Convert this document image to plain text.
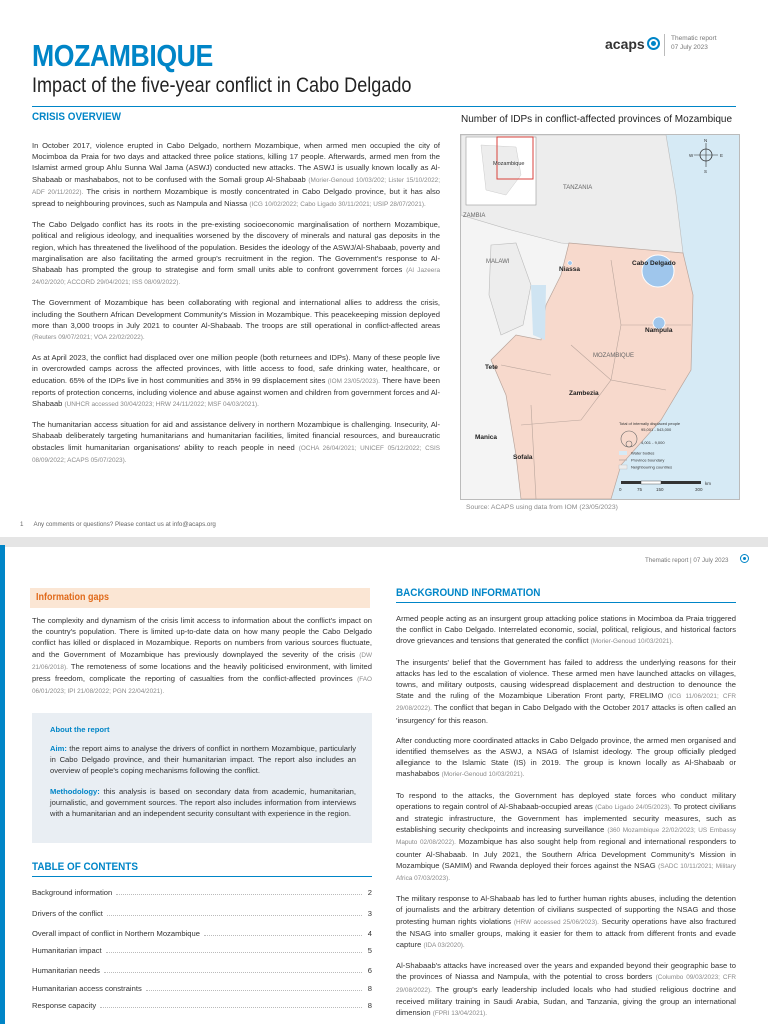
MOZAMBIQUE
Impact of the five-year conflict in Cabo Delgado
acaps	Thematic report
07 July 2023
CRISIS OVERVIEW

In October 2017, violence erupted in Cabo Delgado, northern Mozambique, when armed men occupied the city of Mocimboa da Praia for two days and attacked three police stations, killing 17 people. Afterwards, armed men from the Islamist armed group Ahlu Sunna Wal Jama (ASWJ) conducted new attacks. The ASWJ is usually known locally as Al-Shabaab or mashababos, not to be confused with the Somali group Al-Shabaab (Morier-Genoud 10/03/202; Lister 15/10/2022; ADF 20/11/2022). The crisis in northern Mozambique is mostly concentrated in Cabo Delgado province, but it has also spread to neighbouring provinces, such as Nampula and Niassa (ICG 10/02/2022; Cabo Ligado 30/11/2021; USIP 28/07/2021).

The Cabo Delgado conflict has its roots in the pre-existing socioeconomic marginalisation of northern Mozambique, political and religious ideology, and inequalities worsened by the discovery of minerals and natural gas deposits in the region, which has threatened the livelihood of the population. Besides the ideology of the ASWJ/Al-Shabaab, poverty and marginalisation are also facilitating the armed group's recruitment in the region. The Government's response to Al-Shabaab has prompted the group to strategise and form small units able to confront government forces (Al Jazeera 24/02/2020; ACCORD 29/04/2021; ISS 08/09/2022).

The Government of Mozambique has been collaborating with regional and international allies to address the crisis, including the Southern African Development Community's Mission in Mozambique. This peacekeeping mission deployed more than 3,000 troops in July 2021 to counter Al-Shabaab. The troops are still operational in conflict-affected areas (Reuters 09/07/2021; VOA 22/02/2022).

As at April 2023, the conflict had displaced over one million people (both returnees and IDPs). Many of these people live in overcrowded camps across the affected provinces, with little access to food, safe drinking water, healthcare, or education. 65% of the IDPs live in host communities and 35% in 99 displacement sites (IOM 23/05/2023). There have been reports of protection concerns, including violence and abuse against women and children from government forces and Al-Shabaab (UNHCR accessed 30/04/2023; HRW 24/11/2022; MSF 04/03/2021).

The humanitarian access situation for aid and assistance delivery in northern Mozambique is challenging. Insecurity, Al-Shabaab deliberately targeting humanitarians and humanitarian facilities, limited financial resources, and bureaucratic obstacles limit humanitarian organisations' ability to reach people in need (OCHA 26/04/2021; UNICEF 05/12/2022; CSIS 08/09/2022; ACAPS 05/07/2023).

Number of IDPs in conflict-affected provinces of Mozambique
Mozambique
N
S
W	E
TANZANIA
ZAMBIA
MALAWI
MOZAMBIQUE
Cabo Delgado
Niassa
Nampula
Tete
Zambezia
Manica
Sofala
Total of internally displaced people
95,001 - 543,000
4,001 - 9,000
Water bodies
Province boundary
Neighbouring countries
0	75	150	300
km
Source: ACAPS using data from IOM (23/05/2023)
1 Any comments or questions? Please contact us at info@acaps.org
Thematic report | 07 July 2023
Information gaps
The complexity and dynamism of the crisis limit access to information about the conflict's impact on the country's population. There is limited up-to-date data on how many people the Cabo Delgado conflict has killed or displaced in Mozambique. Reports on numbers from various sources fluctuate, and the Government of Mozambique has previously downplayed the severity of the crisis (DW 21/06/2018). The remoteness of some locations and the heavily politicised environment, with limited press freedom, complicate the reporting of casualties from the conflict-affected provinces (FAO 06/01/2023; IPI 21/08/2022; PGN 22/04/2021).
About the report
Aim: the report aims to analyse the drivers of conflict in northern Mozambique, particularly in Cabo Delgado province, and their humanitarian impact. The report also includes an overview of people's coping mechanisms following the conflict.
Methodology: this analysis is based on secondary data from academic, humanitarian, journalistic, and government sources. The report also includes information from interviews with a humanitarian and an independent security consultant with experience in the region.
TABLE OF CONTENTS
Background information	2
Drivers of the conflict	3
Overall impact of conflict in Northern Mozambique	4
Humanitarian impact	5
Humanitarian needs	6
Humanitarian access constraints	8
Response capacity	8
BACKGROUND INFORMATION

Armed people acting as an insurgent group attacking police stations in Mocimboa da Praia triggered the conflict in Cabo Delgado. Interrelated economic, social, political, religious, and historical factors drove grievances and tensions that generated the conflict (Morier-Genoud 10/03/2021).

The insurgents' belief that the Government has failed to address the underlying reasons for their attacks has led to the escalation of violence. These armed men have launched attacks on villages, towns, and military outposts, causing widespread displacement and destruction to denounce the State and the ruling of the Mozambique Liberation Front party, FRELIMO (ICG 11/06/2021; CFR 29/08/2022). The conflict that began in Cabo Delgado with the October 2017 attacks is often called an 'insurgency' for this reason.

After conducting more coordinated attacks in Cabo Delgado province, the armed men organised and identified themselves as the ASWJ, a NSAG of Islamist ideology. The group officially pledged allegiance to the Islamic State (IS) in 2019. The group is known locally as Al-Shabaab or mashababos (Morier-Genoud 10/03/2021).

To respond to the attacks, the Government has deployed state forces who conduct military operations to regain control of Al-Shabaab-occupied areas (Cabo Ligado 24/05/2023). To protect civilians and strategic infrastructure, the Government has implemented security measures, such as establishing security checkpoints and increasing surveillance (360 Mozambique 22/02/2023; US Embassy Maputo 02/08/2022). Mozambique has also sought help from regional and international responders to counter Al-Shabaab. In July 2021, the Southern Africa Development Community's Mission in Mozambique (SAMIM) and Rwanda deployed their forces against the NSAG (SADC 10/11/2021; Military Africa 07/03/2023).

The military response to Al-Shabaab has led to further human rights abuses, including the detention of journalists and the arbitrary detention of civilians suspected of supporting the NSAG and those protesting human rights violations (HRW accessed 25/06/2023). Security operations have also fractured the NSAG into smaller groups, making it easier for them to attack from different fronts and evade capture (IDA 03/2020).

Al-Shabaab's attacks have increased over the years and expanded beyond their geographic base to the provinces of Niassa and Nampula, with the potential to cross borders (Columbo 09/03/2023; CFR 29/08/2022). The group's early leadership included locals who had studied religious doctrine and received military training in Saudi Arabia, Sudan, and Tanzania, giving the group an international dimension (FPRI 13/04/2021).
